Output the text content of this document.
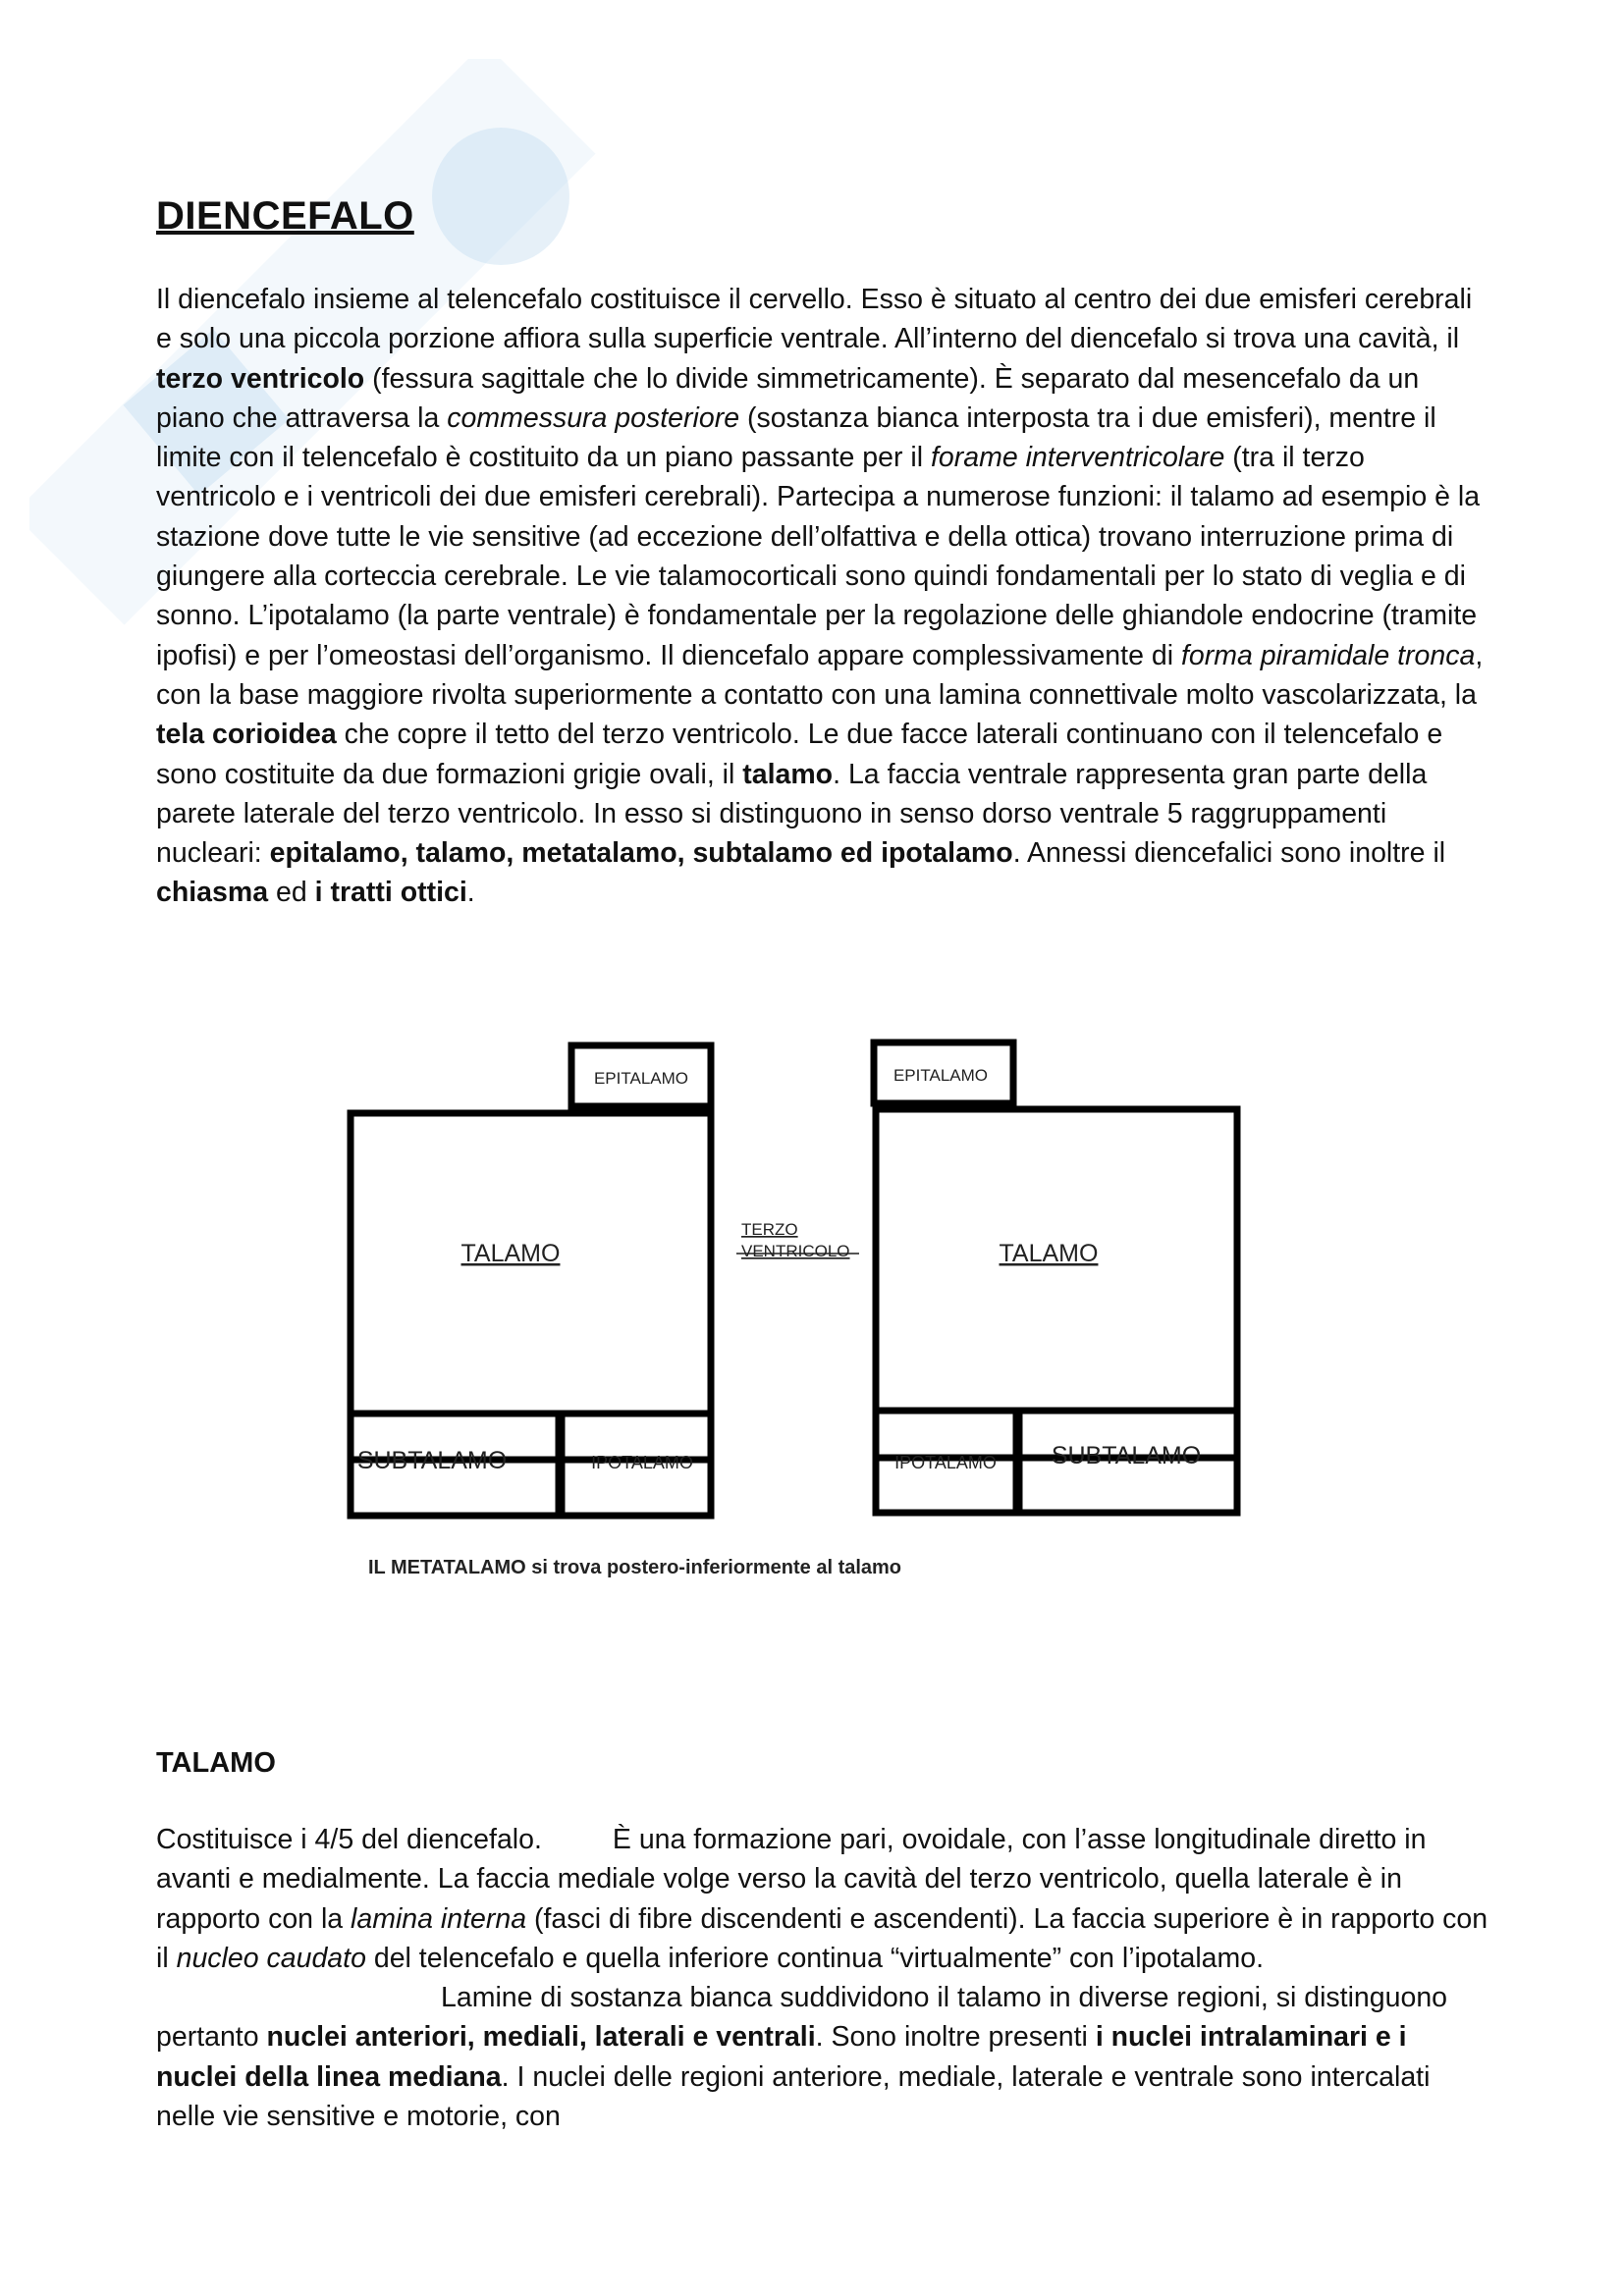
DIENCEFALO

Il diencefalo insieme al telencefalo costituisce il cervello. Esso è situato al centro dei due emisferi cerebrali e solo una piccola porzione affiora sulla superficie ventrale. All’interno del diencefalo si trova una cavità, il terzo ventricolo (fessura sagittale che lo divide simmetricamente). È separato dal mesencefalo da un piano che attraversa la commessura posteriore (sostanza bianca interposta tra i due emisferi), mentre il limite con il telencefalo è costituito da un piano passante per il forame interventricolare (tra il terzo ventricolo e i ventricoli dei due emisferi cerebrali). Partecipa a numerose funzioni: il talamo ad esempio è la stazione dove tutte le vie sensitive (ad eccezione dell’olfattiva e della ottica) trovano interruzione prima di giungere alla corteccia cerebrale. Le vie talamocorticali sono quindi fondamentali per lo stato di veglia e di sonno. L’ipotalamo (la parte ventrale) è fondamentale per la regolazione delle ghiandole endocrine (tramite ipofisi) e per l’omeostasi dell’organismo. Il diencefalo appare complessivamente di forma piramidale tronca, con la base maggiore rivolta superiormente a contatto con una lamina connettivale molto vascolarizzata, la tela corioidea che copre il tetto del terzo ventricolo. Le due facce laterali continuano con il telencefalo e sono costituite da due formazioni grigie ovali, il talamo. La faccia ventrale rappresenta gran parte della parete laterale del terzo ventricolo. In esso si distinguono in senso dorso ventrale 5 raggruppamenti nucleari: epitalamo, talamo, metatalamo, subtalamo ed ipotalamo. Annessi diencefalici sono inoltre il chiasma ed i tratti ottici.

EPITALAMO
TALAMO
SUBTALAMO	IPOTALAMO
TERZO
VENTRICOLO
EPITALAMO
TALAMO
IPOTALAMO SUBTALAMO
IL METATALAMO si trova postero-inferiormente al talamo
TALAMO

Costituisce i 4/5 del diencefalo.	È una formazione pari, ovoidale, con l’asse longitudinale diretto in avanti e medialmente. La faccia mediale volge verso la cavità del terzo ventricolo, quella laterale è in rapporto con la lamina interna (fasci di fibre discendenti e ascendenti). La faccia superiore è in rapporto con il nucleo caudato del telencefalo e quella inferiore continua “virtualmente” con l’ipotalamo.Lamine di sostanza bianca suddividono il talamo in diverse regioni, si distinguono pertanto nuclei anteriori, mediali, laterali e ventrali. Sono inoltre presenti i nuclei intralaminari e i nuclei della linea mediana. I nuclei delle regioni anteriore, mediale, laterale e ventrale sono intercalati nelle vie sensitive e motorie, con
